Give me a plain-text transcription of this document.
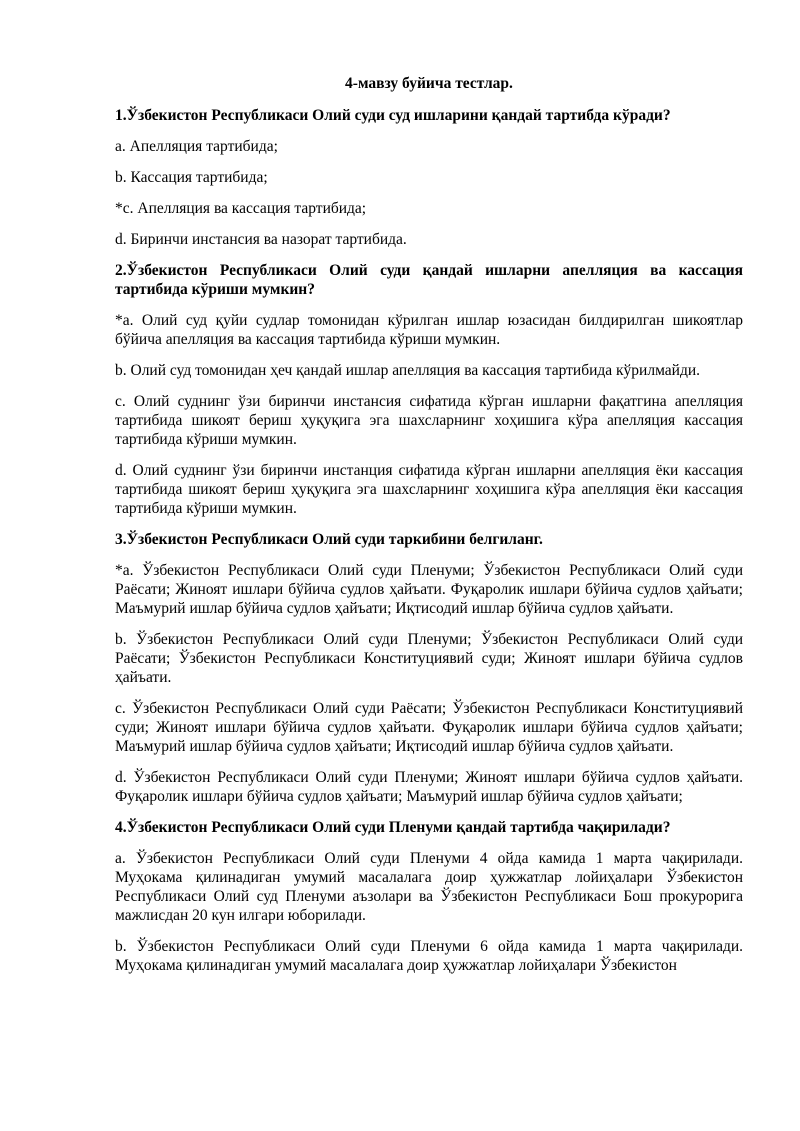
4-мавзу буйича тестлар.
1.Ўзбекистон Республикаси Олий суди суд ишларини қандай тартибда кўради?
a. Апелляция тартибида;
b. Кассация тартибида;
*c. Апелляция ва кассация тартибида;
d. Биринчи инстансия ва назорат тартибида.
2.Ўзбекистон Республикаси Олий суди қандай ишларни апелляция ва кассация тартибида кўриши мумкин?
*a. Олий суд қуйи судлар томонидан кўрилган ишлар юзасидан билдирилган шикоятлар бўйича апелляция ва кассация тартибида кўриши мумкин.
b. Олий суд томонидан ҳеч қандай ишлар апелляция ва кассация тартибида кўрилмайди.
c. Олий суднинг ўзи биринчи инстансия сифатида кўрган ишларни фақатгина апелляция тартибида шикоят бериш ҳуқуқига эга шахсларнинг хоҳишига кўра апелляция кассация тартибида кўриши мумкин.
d. Олий суднинг ўзи биринчи инстанция сифатида кўрган ишларни апелляция ёки кассация тартибида шикоят бериш ҳуқуқига эга шахсларнинг хоҳишига кўра апелляция ёки кассация тартибида кўриши мумкин.
3.Ўзбекистон Республикаси Олий суди таркибини белгиланг.
*a. Ўзбекистон Республикаси Олий суди Пленуми; Ўзбекистон Республикаси Олий суди Раёсати; Жиноят ишлари бўйича судлов ҳайъати. Фуқаролик ишлари бўйича судлов ҳайъати; Маъмурий ишлар бўйича судлов ҳайъати; Иқтисодий ишлар бўйича судлов ҳайъати.
b. Ўзбекистон Республикаси Олий суди Пленуми; Ўзбекистон Республикаси Олий суди Раёсати; Ўзбекистон Республикаси Конституциявий суди; Жиноят ишлари бўйича судлов ҳайъати.
c. Ўзбекистон Республикаси Олий суди Раёсати; Ўзбекистон Республикаси Конституциявий суди; Жиноят ишлари бўйича судлов ҳайъати. Фуқаролик ишлари бўйича судлов ҳайъати; Маъмурий ишлар бўйича судлов ҳайъати; Иқтисодий ишлар бўйича судлов ҳайъати.
d. Ўзбекистон Республикаси Олий суди Пленуми; Жиноят ишлари бўйича судлов ҳайъати. Фуқаролик ишлари бўйича судлов ҳайъати; Маъмурий ишлар бўйича судлов ҳайъати;
4.Ўзбекистон Республикаси Олий суди Пленуми қандай тартибда чақирилади?
a. Ўзбекистон Республикаси Олий суди Пленуми 4 ойда камида 1 марта чақирилади. Муҳокама қилинадиган умумий масалалага доир ҳужжатлар лойиҳалари Ўзбекистон Республикаси Олий суд Пленуми аъзолари ва Ўзбекистон Республикаси Бош прокурорига мажлисдан 20 кун илгари юборилади.
b. Ўзбекистон Республикаси Олий суди Пленуми 6 ойда камида 1 марта чақирилади. Муҳокама қилинадиган умумий масалалага доир ҳужжатлар лойиҳалари Ўзбекистон
